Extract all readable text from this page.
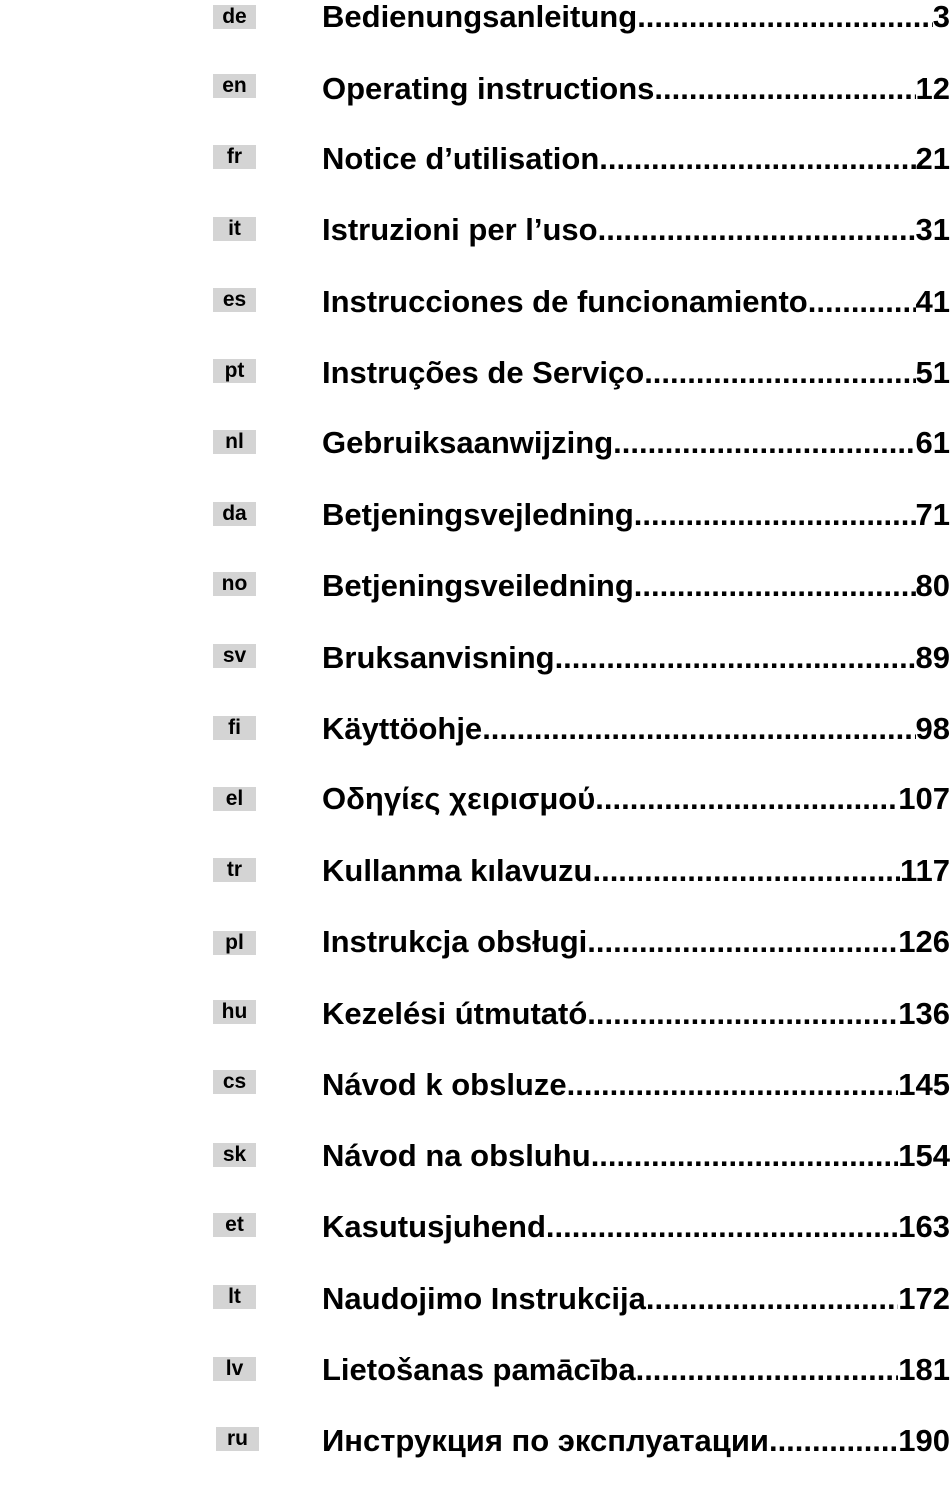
de Bedienungsanleitung .....	3
en Operating instructions .....	12
fr	Notice d’utilisation .....	21
it	Istruzioni per l’uso .....	31
es	Instrucciones de funcionamiento .....	41
pt	Instruções de Serviço .....	51
nl	Gebruiksaanwijzing .....	61
da Betjeningsvejledning .....	71
no Betjeningsveiledning .....	80
sv	Bruksanvisning .....	89
fi	Käyttöohje .....	98
el	Οδηγίες χειρισμού .....	107
tr	Kullanma kılavuzu .....	117
pl	Instrukcja obsługi .....	126
hu Kezelési útmutató .....	136
cs	Návod k obsluze .....	145
sk	Návod na obsluhu .....	154
et	Kasutusjuhend .....	163
lt	Naudojimo Instrukcija .....	172
lv	Lietošanas pamācība .....	181
ru	Инструкция по эксплуатации .....	190
